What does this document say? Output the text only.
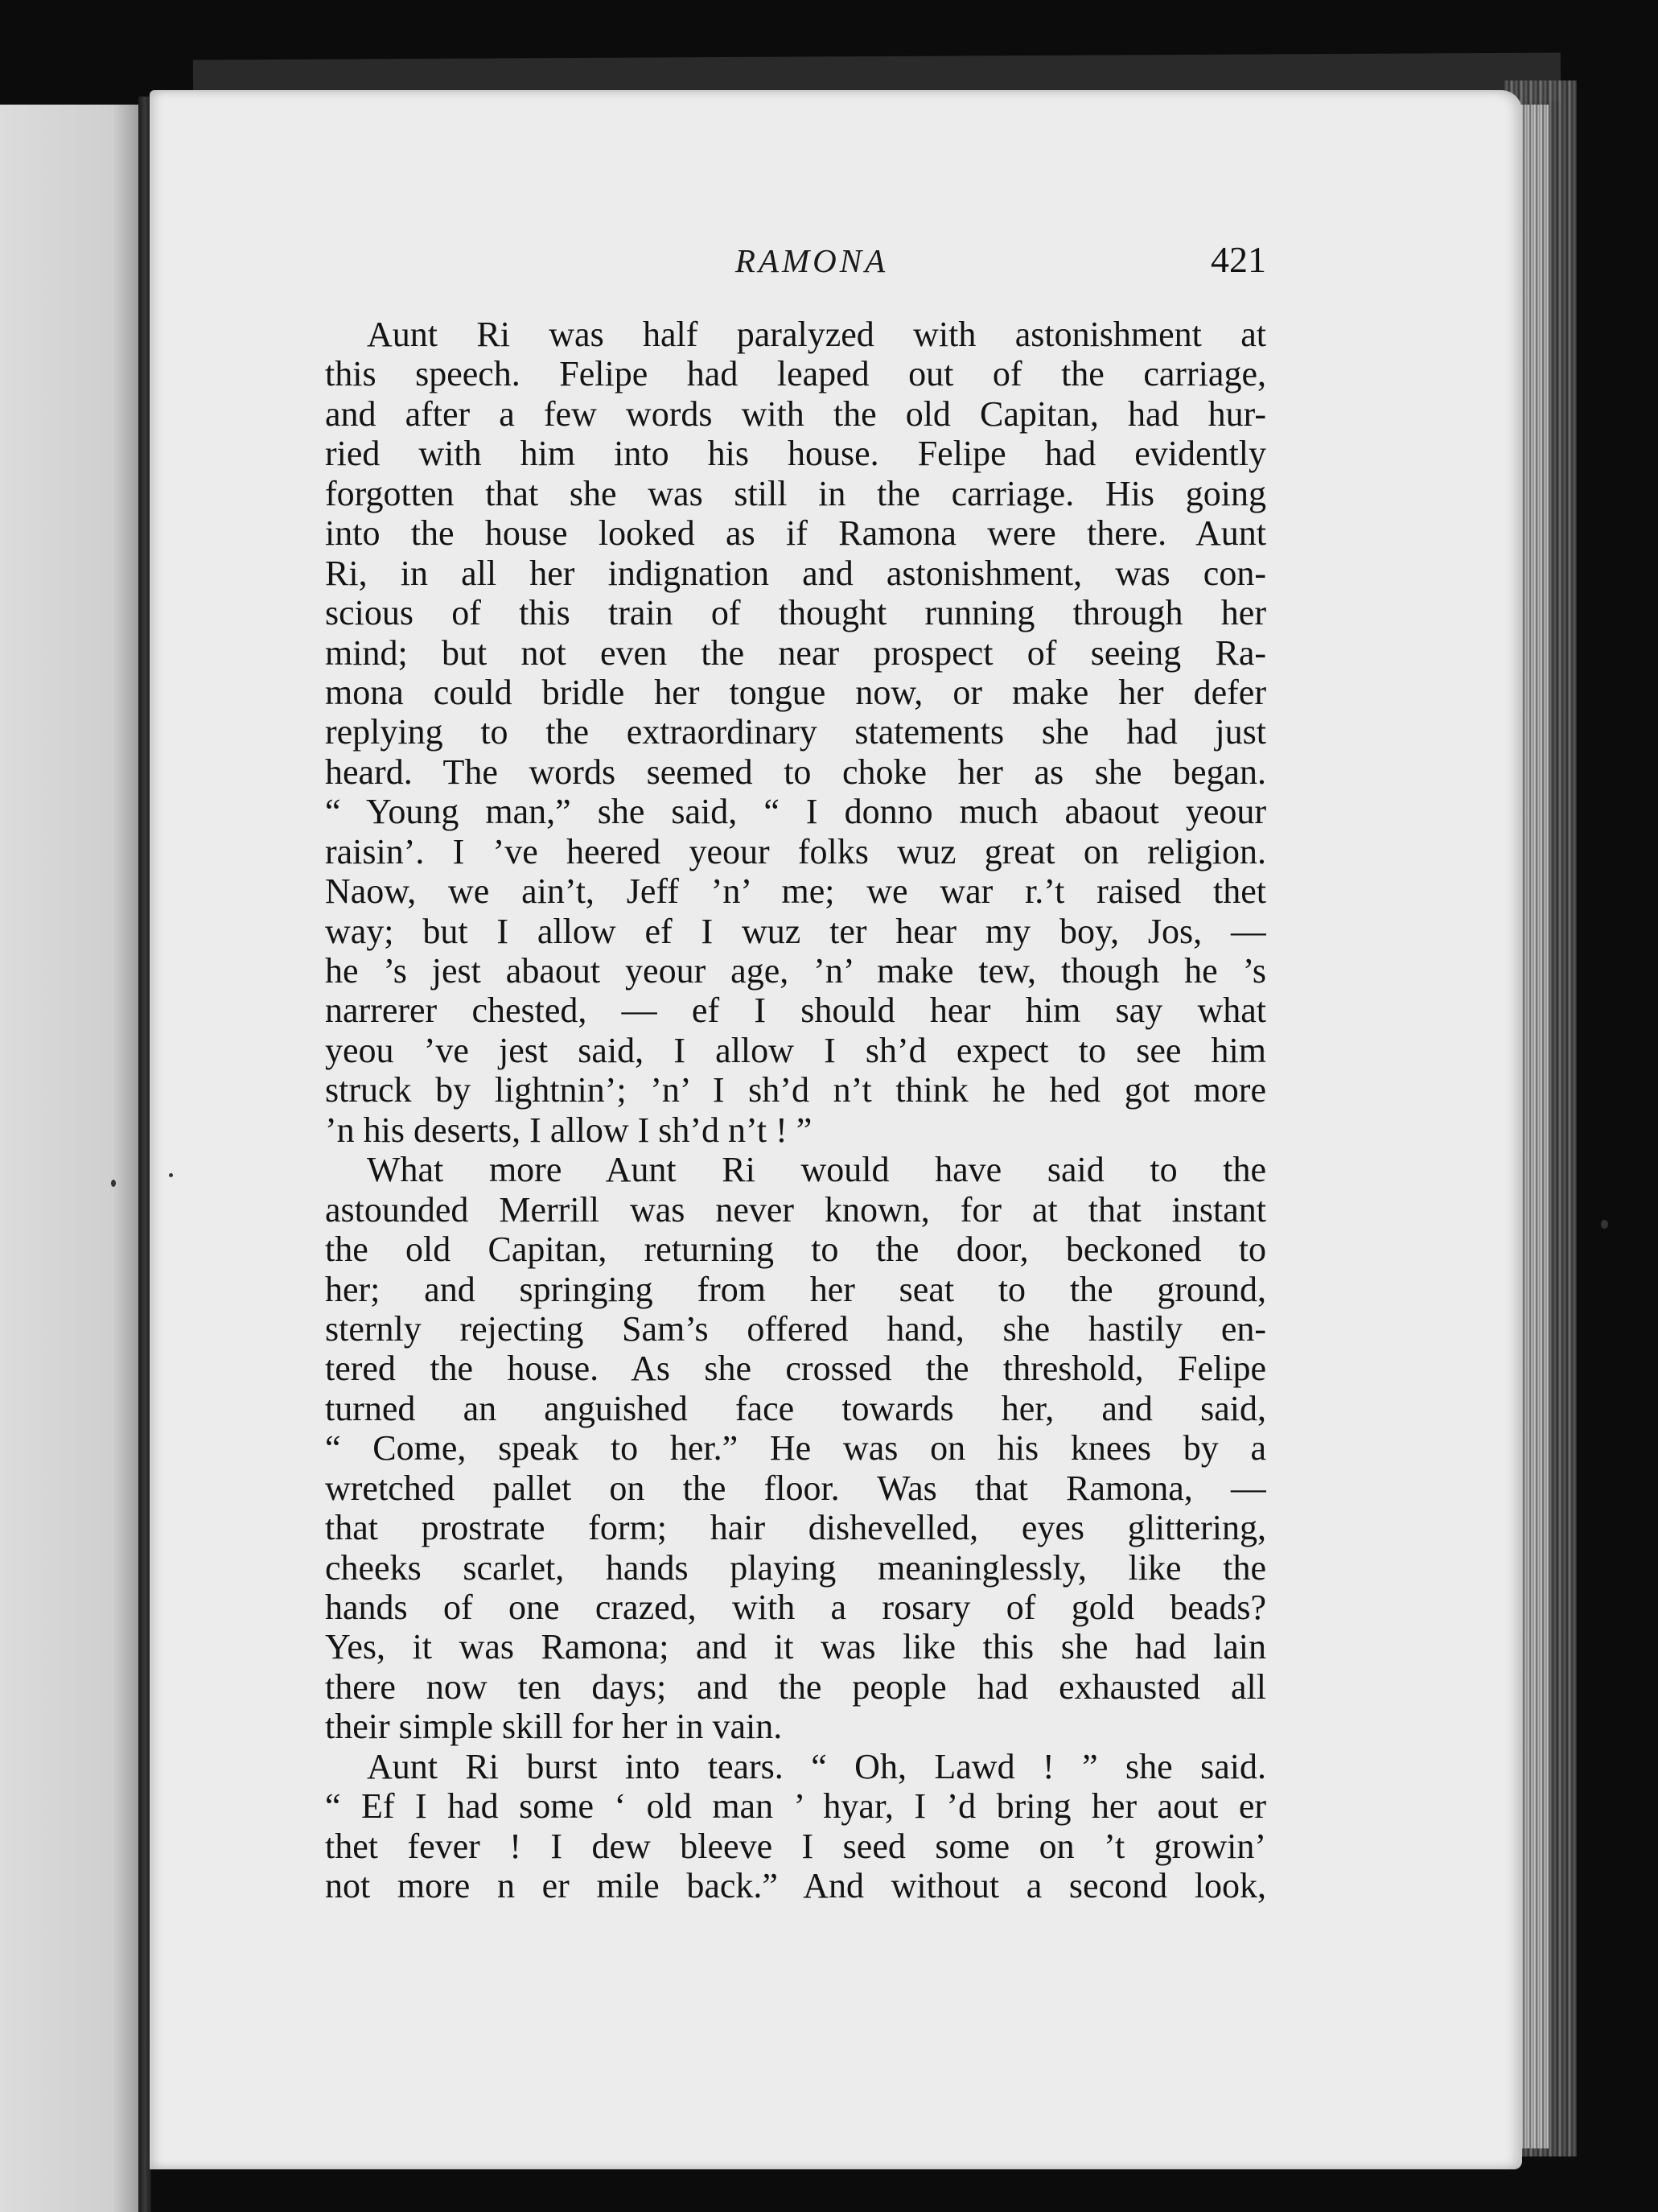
RAMONA	421
Aunt Ri was half paralyzed with astonishment at
this speech. Felipe had leaped out of the carriage,
and after a few words with the old Capitan, had hur-
ried with him into his house. Felipe had evidently
forgotten that she was still in the carriage. His going
into the house looked as if Ramona were there. Aunt
Ri, in all her indignation and astonishment, was con-
scious of this train of thought running through her
mind; but not even the near prospect of seeing Ra-
mona could bridle her tongue now, or make her defer
replying to the extraordinary statements she had just
heard. The words seemed to choke her as she began.
“ Young man,” she said, “ I donno much abaout yeour
raisin’. I ’ve heered yeour folks wuz great on religion.
Naow, we ain’t, Jeff ’n’ me; we war r.’t raised thet
way; but I allow ef I wuz ter hear my boy, Jos, —
he ’s jest abaout yeour age, ’n’ make tew, though he ’s
narrerer chested, — ef I should hear him say what
yeou ’ve jest said, I allow I sh’d expect to see him
struck by lightnin’; ’n’ I sh’d n’t think he hed got more
’n his deserts, I allow I sh’d n’t ! ”
What more Aunt Ri would have said to the
astounded Merrill was never known, for at that instant
the old Capitan, returning to the door, beckoned to
her; and springing from her seat to the ground,
sternly rejecting Sam’s offered hand, she hastily en-
tered the house. As she crossed the threshold, Felipe
turned an anguished face towards her, and said,
“ Come, speak to her.” He was on his knees by a
wretched pallet on the floor. Was that Ramona, —
that prostrate form; hair dishevelled, eyes glittering,
cheeks scarlet, hands playing meaninglessly, like the
hands of one crazed, with a rosary of gold beads?
Yes, it was Ramona; and it was like this she had lain
there now ten days; and the people had exhausted all
their simple skill for her in vain.
Aunt Ri burst into tears. “ Oh, Lawd ! ” she said.
“ Ef I had some ‘ old man ’ hyar, I ’d bring her aout er
thet fever ! I dew bleeve I seed some on ’t growin’
not more n er mile back.” And without a second look,
